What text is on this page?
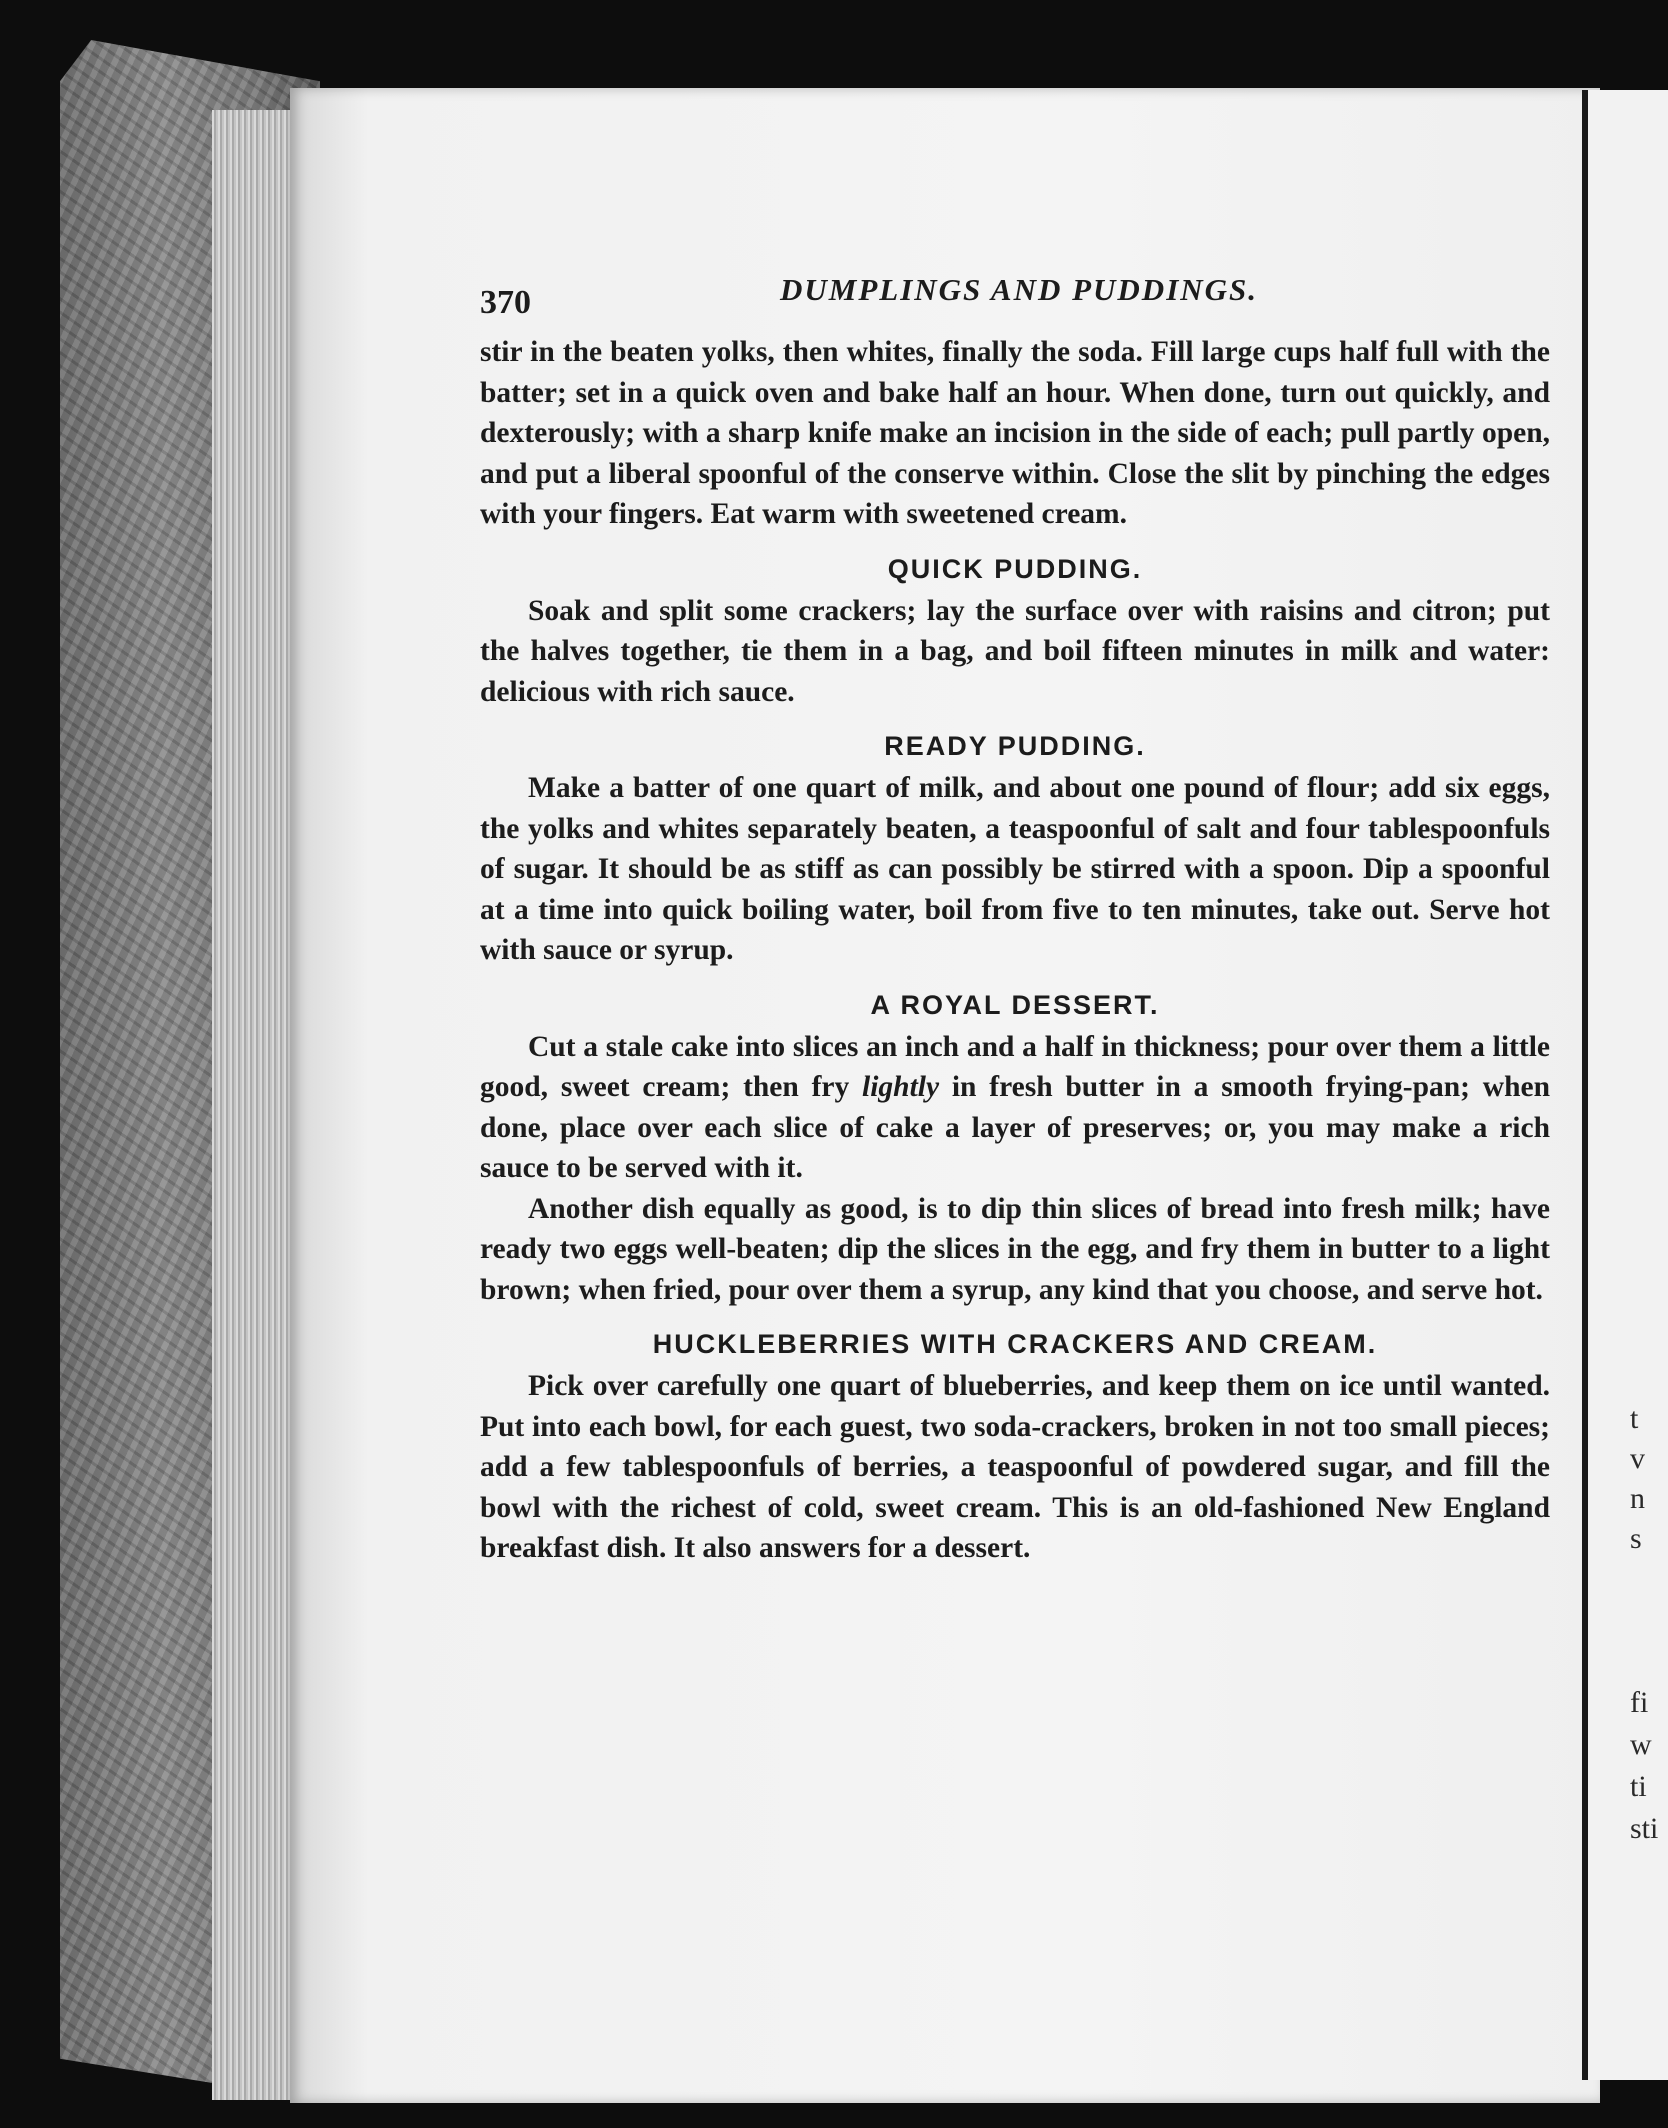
t
v
n
s
fi
w
ti
sti
370	DUMPLINGS AND PUDDINGS.

stir in the beaten yolks, then whites, finally the soda. Fill large cups half full with the batter; set in a quick oven and bake half an hour. When done, turn out quickly, and dexterously; with a sharp knife make an incision in the side of each; pull partly open, and put a liberal spoonful of the conserve within. Close the slit by pinching the edges with your fingers. Eat warm with sweetened cream.

QUICK PUDDING.

Soak and split some crackers; lay the surface over with raisins and citron; put the halves together, tie them in a bag, and boil fifteen minutes in milk and water: delicious with rich sauce.

READY PUDDING.

Make a batter of one quart of milk, and about one pound of flour; add six eggs, the yolks and whites separately beaten, a teaspoonful of salt and four tablespoonfuls of sugar. It should be as stiff as can possibly be stirred with a spoon. Dip a spoonful at a time into quick boiling water, boil from five to ten minutes, take out. Serve hot with sauce or syrup.

A ROYAL DESSERT.

Cut a stale cake into slices an inch and a half in thickness; pour over them a little good, sweet cream; then fry lightly in fresh butter in a smooth frying-pan; when done, place over each slice of cake a layer of preserves; or, you may make a rich sauce to be served with it.

Another dish equally as good, is to dip thin slices of bread into fresh milk; have ready two eggs well-beaten; dip the slices in the egg, and fry them in butter to a light brown; when fried, pour over them a syrup, any kind that you choose, and serve hot.

HUCKLEBERRIES WITH CRACKERS AND CREAM.

Pick over carefully one quart of blueberries, and keep them on ice until wanted. Put into each bowl, for each guest, two soda-crackers, broken in not too small pieces; add a few tablespoonfuls of berries, a teaspoonful of powdered sugar, and fill the bowl with the richest of cold, sweet cream. This is an old-fashioned New England breakfast dish. It also answers for a dessert.
